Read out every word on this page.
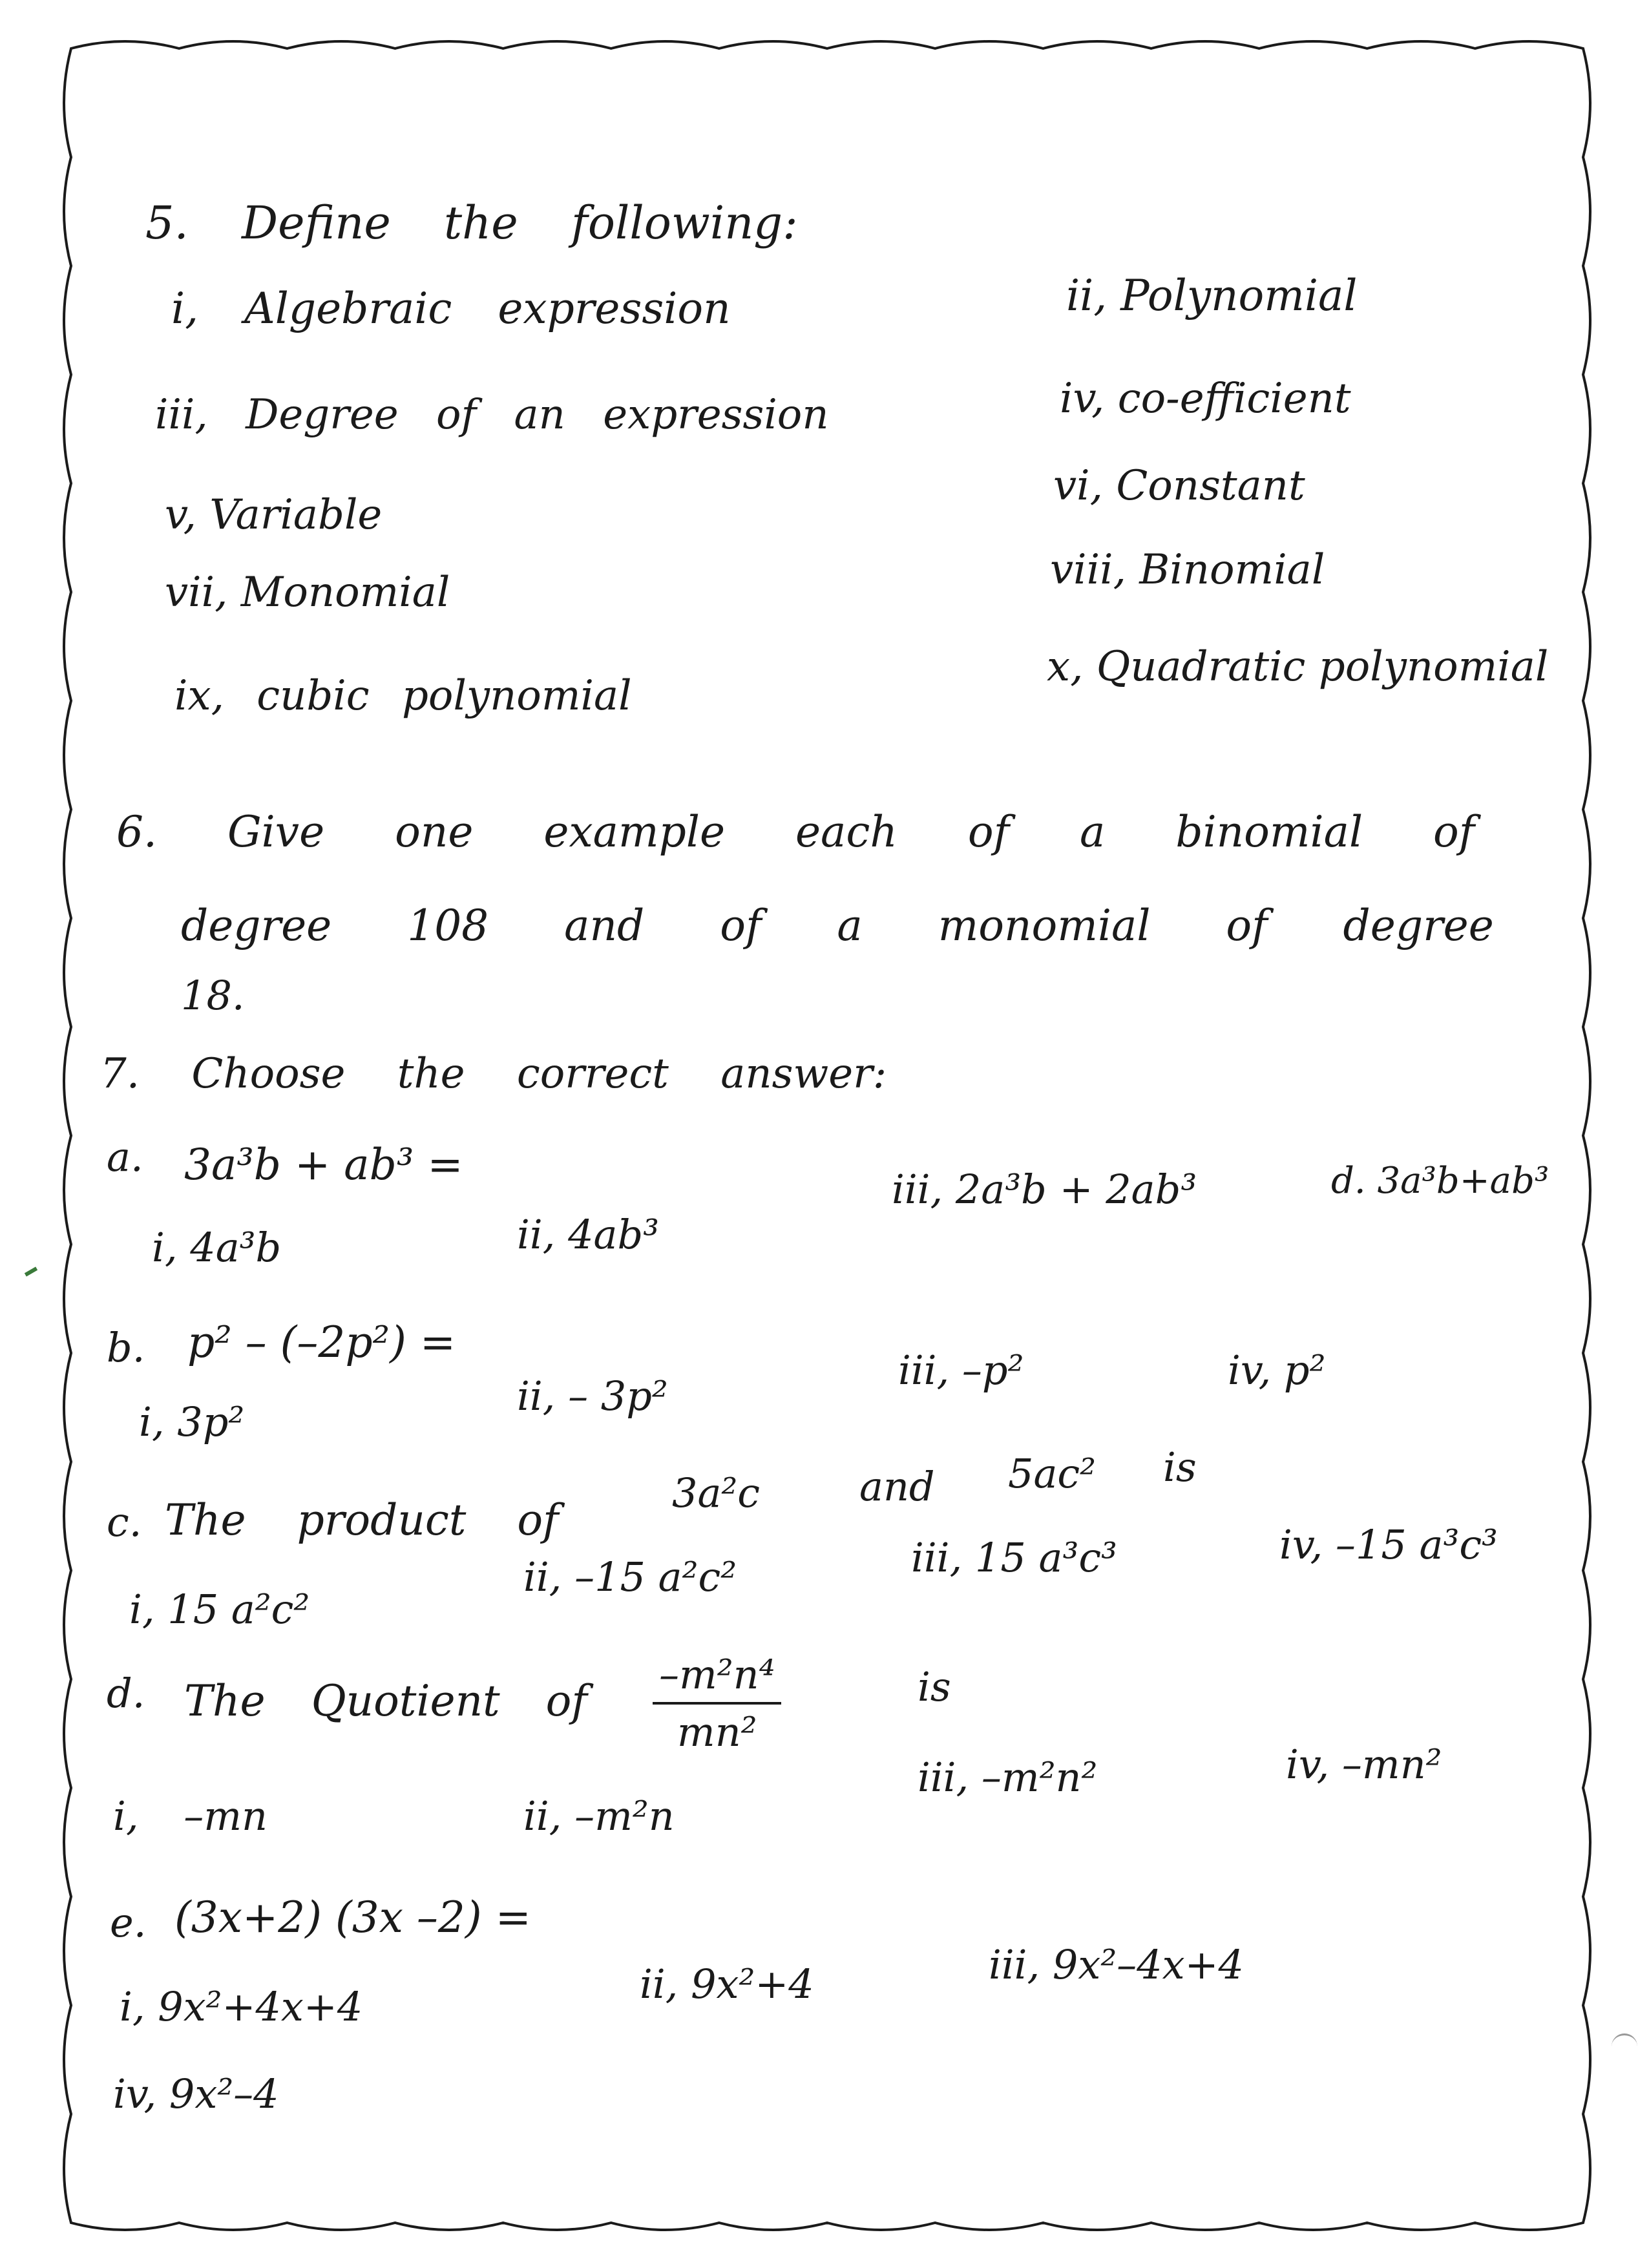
5. Define the following:
i, Algebraic expression	ii, Polynomial
iii, Degree of an expression	iv, co-efficient
v, Variable
vi, Constant
vii, Monomial	viii, Binomial
ix, cubic polynomial
x, Quadratic polynomial
6. Give one example each of a binomial of
degree 108 and of a monomial of degree
18.
7. Choose the correct answer:
a. 3a³b + ab³ =
i, 4a³b	ii, 4ab³
iii, 2a³b + 2ab³	d. 3a³b+ab³
b. p² – (–2p²) =
i, 3p²
ii, – 3p²
iii, –p²	iv, p²
c. The product of
3a²c and 5ac² is
i, 15 a²c²
ii, –15 a²c²	iii, 15 a³c³	iv, –15 a³c³
d. The Quotient of $\frac{\text{–m²n⁴}}{\text{mn²}}$	is
i, –mn	ii, –m²n
iii, –m²n²	iv, –mn²
e. (3x+2) (3x –2) =
i, 9x²+4x+4	ii, 9x²+4	iii, 9x²–4x+4
iv, 9x²–4
